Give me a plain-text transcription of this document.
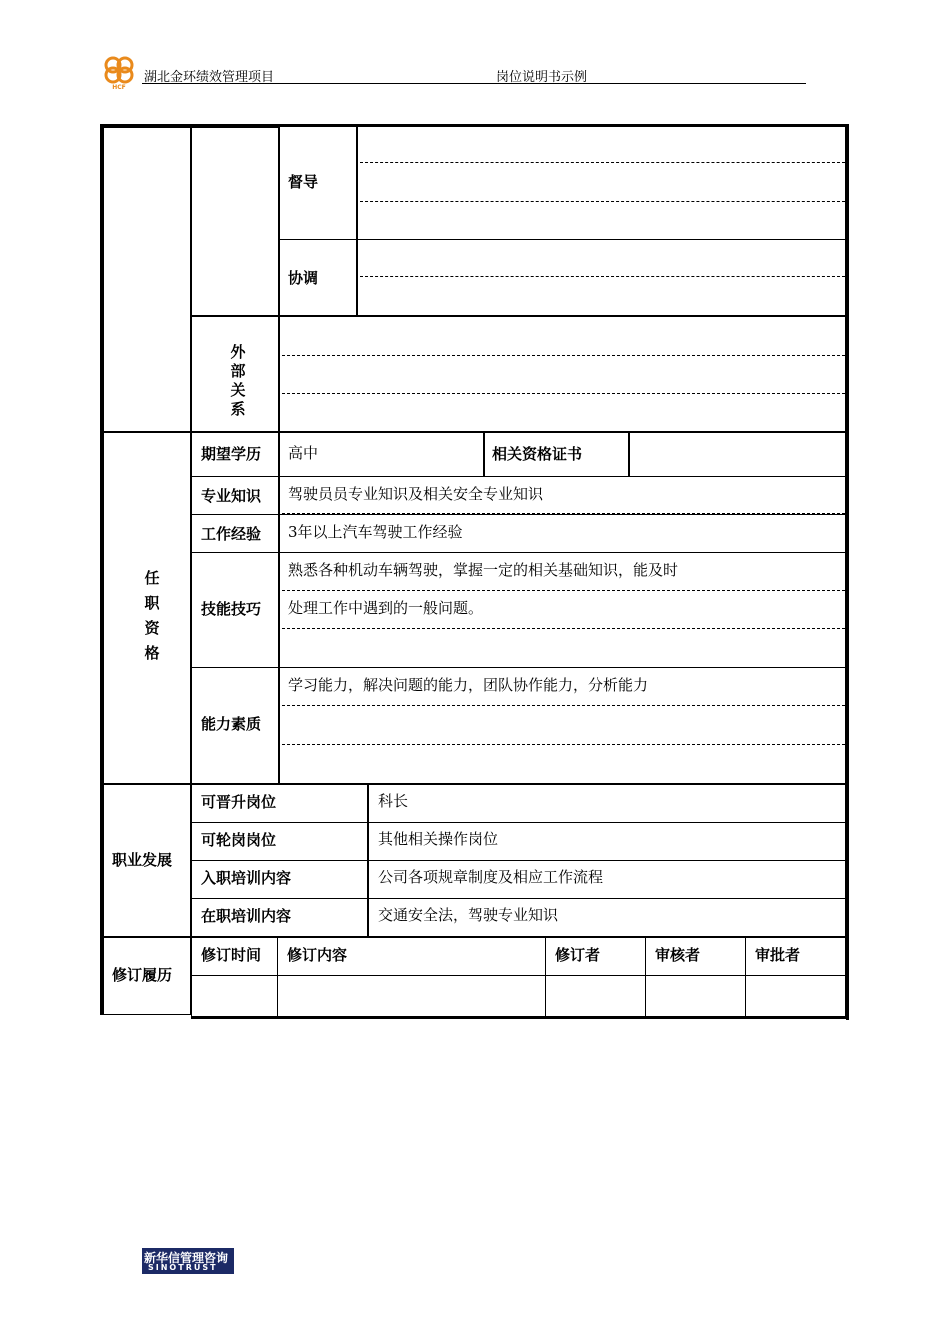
HCF
湖北金环绩效管理项目	岗位说明书示例
督导
协调
外
部
关
系
任
职
资
格
期望学历 高中	相关资格证书
专业知识 驾驶员员专业知识及相关安全专业知识
工作经验 3年以上汽车驾驶工作经验
技能技巧
熟悉各种机动车辆驾驶，掌握一定的相关基础知识，能及时
处理工作中遇到的一般问题。
能力素质
学习能力，解决问题的能力，团队协作能力，分析能力
职业发展
可晋升岗位	科长
可轮岗岗位	其他相关操作岗位
入职培训内容	公司各项规章制度及相应工作流程
在职培训内容	交通安全法，驾驶专业知识
修订履历
修订时间 修订内容	修订者	审核者	审批者
新华信管理咨询
SINOTRUST
